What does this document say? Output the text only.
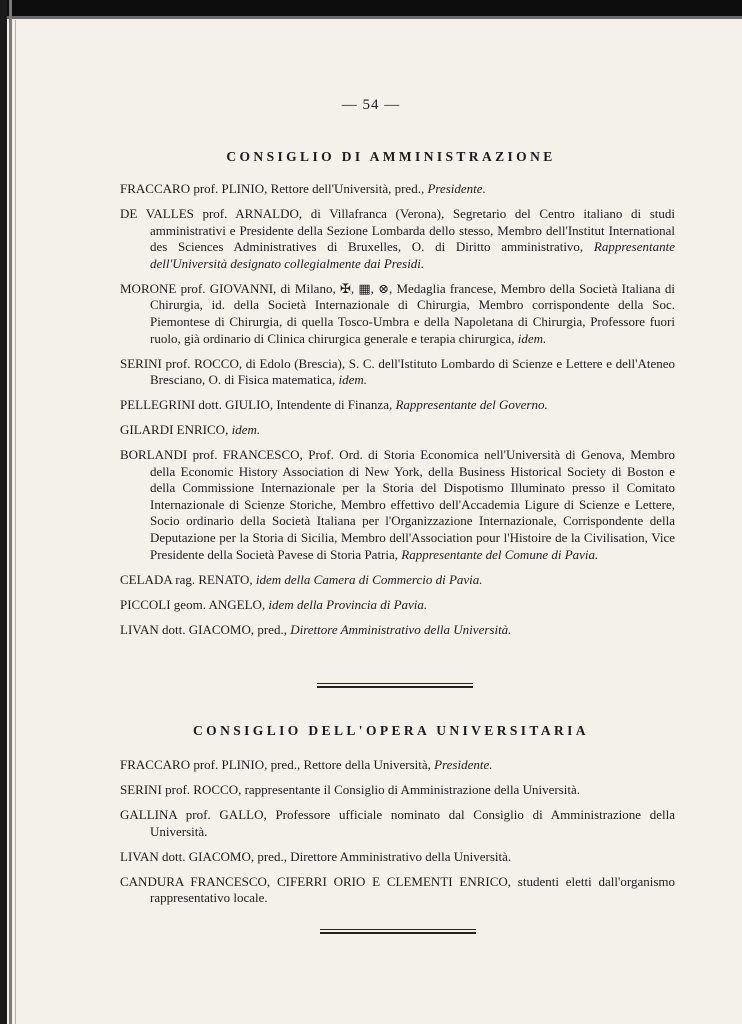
— 54 —
CONSIGLIO DI AMMINISTRAZIONE
FRACCARO prof. PLINIO, Rettore dell'Università, pred., Presidente.
DE VALLES prof. ARNALDO, di Villafranca (Verona), Segretario del Centro italiano di studi amministrativi e Presidente della Sezione Lombarda dello stesso, Membro dell'Institut International des Sciences Administratives di Bruxelles, O. di Diritto amministrativo, Rappresentante dell'Università designato collegialmente dai Presidi.
MORONE prof. GIOVANNI, di Milano, ✠, ▦, ⊗, Medaglia francese, Membro della Società Italiana di Chirurgia, id. della Società Internazionale di Chirurgia, Membro corrispondente della Soc. Piemontese di Chirurgia, di quella Tosco-Umbra e della Napoletana di Chirurgia, Professore fuori ruolo, già ordinario di Clinica chirurgica generale e terapia chirurgica, idem.
SERINI prof. ROCCO, di Edolo (Brescia), S. C. dell'Istituto Lombardo di Scienze e Lettere e dell'Ateneo Bresciano, O. di Fisica matematica, idem.
PELLEGRINI dott. GIULIO, Intendente di Finanza, Rappresentante del Governo.
GILARDI ENRICO, idem.
BORLANDI prof. FRANCESCO, Prof. Ord. di Storia Economica nell'Università di Genova, Membro della Economic History Association di New York, della Business Historical Society di Boston e della Commissione Internazionale per la Storia del Dispotismo Illuminato presso il Comitato Internazionale di Scienze Storiche, Membro effettivo dell'Accademia Ligure di Scienze e Lettere, Socio ordinario della Società Italiana per l'Organizzazione Internazionale, Corrispondente della Deputazione per la Storia di Sicilia, Membro dell'Association pour l'Histoire de la Civilisation, Vice Presidente della Società Pavese di Storia Patria, Rappresentante del Comune di Pavia.
CELADA rag. RENATO, idem della Camera di Commercio di Pavia.
PICCOLI geom. ANGELO, idem della Provincia di Pavia.
LIVAN dott. GIACOMO, pred., Direttore Amministrativo della Università.
CONSIGLIO DELL'OPERA UNIVERSITARIA
FRACCARO prof. PLINIO, pred., Rettore della Università, Presidente.
SERINI prof. ROCCO, rappresentante il Consiglio di Amministrazione della Università.
GALLINA prof. GALLO, Professore ufficiale nominato dal Consiglio di Amministrazione della Università.
LIVAN dott. GIACOMO, pred., Direttore Amministrativo della Università.
CANDURA FRANCESCO, CIFERRI ORIO E CLEMENTI ENRICO, studenti eletti dall'organismo rappresentativo locale.
